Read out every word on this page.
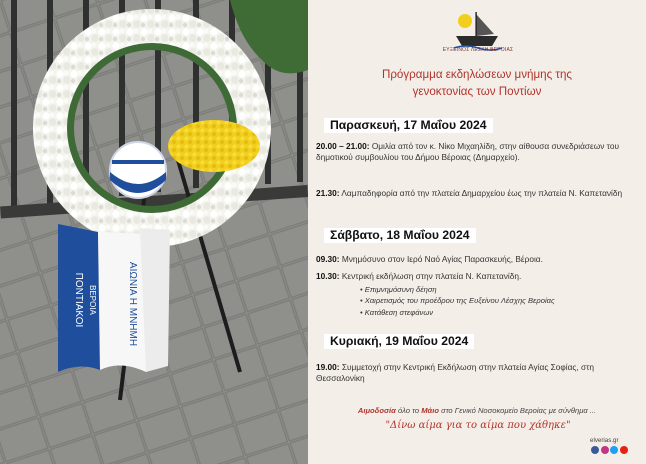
ΠΟΝΤΙΑΚΟΙ ΒΕΡΟΙΑ	ΑΙΩΝΙΑ Η ΜΝΗΜΗ
ΕΥΞΕΙΝΟΣ ΛΕΣΧΗ ΒΕΡΟΙΑΣ
Πρόγραμμα εκδηλώσεων μνήμης της
γενοκτονίας των Ποντίων
Παρασκευή, 17 Μαΐου 2024
20.00 – 21.00: Ομιλία από τον κ. Νίκο Μιχαηλίδη, στην αίθουσα συνεδριάσεων του δημοτικού συμβουλίου του Δήμου Βέροιας (Δημαρχείο).
21.30: Λαμπαδηφορία από την πλατεία Δημαρχείου έως την πλατεία Ν. Καπετανίδη
Σάββατο, 18 Μαΐου 2024
09.30: Μνημόσυνο στον Ιερό Ναό Αγίας Παρασκευής, Βέροια.
10.30: Κεντρική εκδήλωση στην πλατεία Ν. Καπετανίδη.
• Επιμνημόσυνη δέηση
• Χαιρετισμός του προέδρου της Ευξείνου Λέσχης Βεροίας
• Κατάθεση στεφάνων
Κυριακή, 19 Μαΐου 2024
19.00: Συμμετοχή στην Κεντρική Εκδήλωση στην πλατεία Αγίας Σοφίας, στη Θεσσαλονίκη
Αιμοδοσία όλο το Μάιο στο Γενικό Νοσοκομείο Βεροίας με σύνθημα ...
"Δίνω αίμα για το αίμα που χάθηκε"
elverias.gr
